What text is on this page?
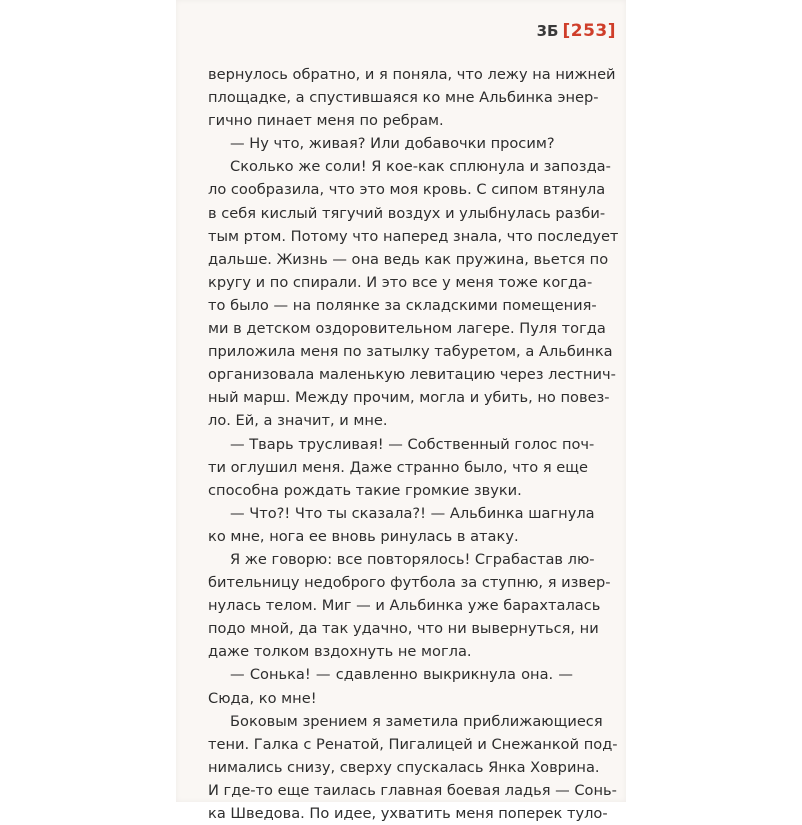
3Б [253]

вернулось обратно, и я поняла, что лежу на нижней

площадке, а спустившаяся ко мне Альбинка энер-

гично пинает меня по ребрам.

— Ну что, живая? Или добавочки просим?

Сколько же соли! Я кое-как сплюнула и запозда-

ло сообразила, что это моя кровь. С сипом втянула

в себя кислый тягучий воздух и улыбнулась разби-

тым ртом. Потому что наперед знала, что последует

дальше. Жизнь — она ведь как пружина, вьется по

кругу и по спирали. И это все у меня тоже когда-

то было — на полянке за складскими помещения-

ми в детском оздоровительном лагере. Пуля тогда

приложила меня по затылку табуретом, а Альбинка

организовала маленькую левитацию через лестнич-

ный марш. Между прочим, могла и убить, но повез-

ло. Ей, а значит, и мне.

— Тварь трусливая! — Собственный голос поч-

ти оглушил меня. Даже странно было, что я еще

способна рождать такие громкие звуки.

— Что?! Что ты сказала?! — Альбинка шагнула

ко мне, нога ее вновь ринулась в атаку.

Я же говорю: все повторялось! Сграбастав лю-

бительницу недоброго футбола за ступню, я извер-

нулась телом. Миг — и Альбинка уже барахталась

подо мной, да так удачно, что ни вывернуться, ни

даже толком вздохнуть не могла.

— Сонька! — сдавленно выкрикнула она. —

Сюда, ко мне!

Боковым зрением я заметила приближающиеся

тени. Галка с Ренатой, Пигалицей и Снежанкой под-

нимались снизу, сверху спускалась Янка Ховрина.

И где-то еще таилась главная боевая ладья — Сонь-

ка Шведова. По идее, ухватить меня поперек туло-
